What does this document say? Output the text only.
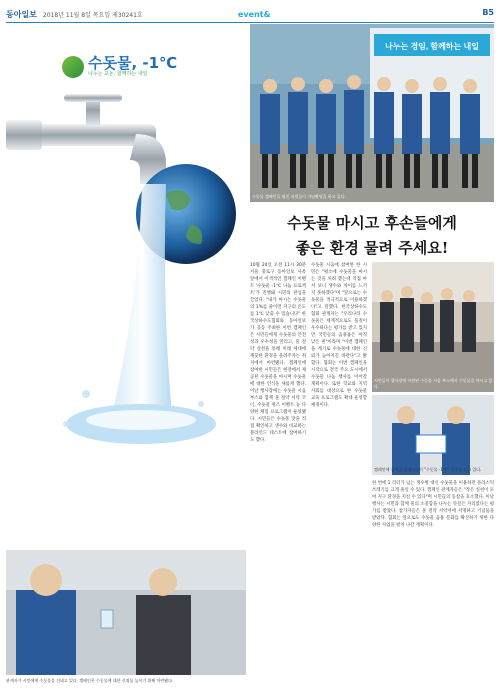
동아일보 2018년 11월 8일 목요일 제30241호	event&	B5
수돗물, -1℃
나누는 교논, 함께하는 내일
나누는 경임, 함께하는 내일
수돗물 캠페인을 펼친 직원들이 기념촬영을 하고 있다.
수돗물 마시고 후손들에게
좋은 환경 물려 주세요!
10월 24일 오전 11시 30분 서울 중로구 동아일보 사옥 앞에서 이색적인 캠페인 이벤트 '수돗물 -1℃ 나눔 프로젝트'가 진행돼 시민의 관심을 끌었다. "내가 마시는 수돗물의 1%를 줄이면 지구의 온도를 1℃ 낮출 수 있습니다" 한국상하수도협회와 동아일보가 공동 주최한 이번 캠페인은 시민들에게 수돗물의 안전성과 우수성을 알리고, 물 절약 실천을 통해 미래 세대에 깨끗한 환경을 물려주자는 취지에서 마련됐다. 캠페인에 참여한 시민들은 현장에서 제공된 수돗물을 마시며 수돗물에 대한 인식을 새롭게 했다. 이날 행사장에는 수돗물 시음 부스와 함께 물 절약 서약 코너, 수돗물 퀴즈 이벤트 등 다양한 체험 프로그램이 운영됐다. 시민들은 수돗물 맛을 직접 확인하고 생수와 비교하는 블라인드 테스트에 참여하기도 했다.
수돗물 시음에 참여한 한 시민은 "평소에 수돗물을 마시는 것을 꺼려 했는데 직접 마셔 보니 생수와 차이를 느끼지 못하겠다"며 "앞으로는 수돗물을 적극적으로 이용하겠다"고 말했다. 한국상하수도협회 관계자는 "우리나라 수돗물은 세계적으로도 품질이 우수하다는 평가를 받고 있지만 국민들의 음용률은 아직 낮은 편"이라며 "이번 캠페인을 계기로 수돗물에 대한 신뢰가 높아지길 바란다"고 밝혔다. 협회는 이번 캠페인을 시작으로 전국 주요 도시에서 수돗물 나눔 행사를 이어갈 계획이다. 또한 학교와 지역 사회를 대상으로 한 수돗물 교육 프로그램도 확대 운영할 예정이다.
시민들이 행사장에 마련된 수돗물 시음 부스에서 수돗물을 마시고 있다.
캠페인에 참여한 관계자들이 "수돗물 -1℃" 문구를 들고 있다.
한 번에 1 리터가 넘는 생수병 대신 수돗물을 이용하면 플라스틱 쓰레기를 크게 줄일 수 있다. 캠페인 관계자들은 "작은 실천이 모여 지구 환경을 지킬 수 있다"며 시민들의 동참을 호소했다. 이날 행사는 시민과 함께 물의 소중함을 나누는 뜻깊은 자리였다는 평가를 받았다. 참가자들은 물 절약 서약서에 서명하고 기념품을 받았다. 협회는 앞으로도 수돗물 음용 문화를 확산하기 위한 다양한 사업을 펼쳐 나갈 계획이다.
관계자가 시민에게 수돗물을 건네고 있다. 캠페인은 수돗물에 대한 신뢰를 높이기 위해 마련됐다.
